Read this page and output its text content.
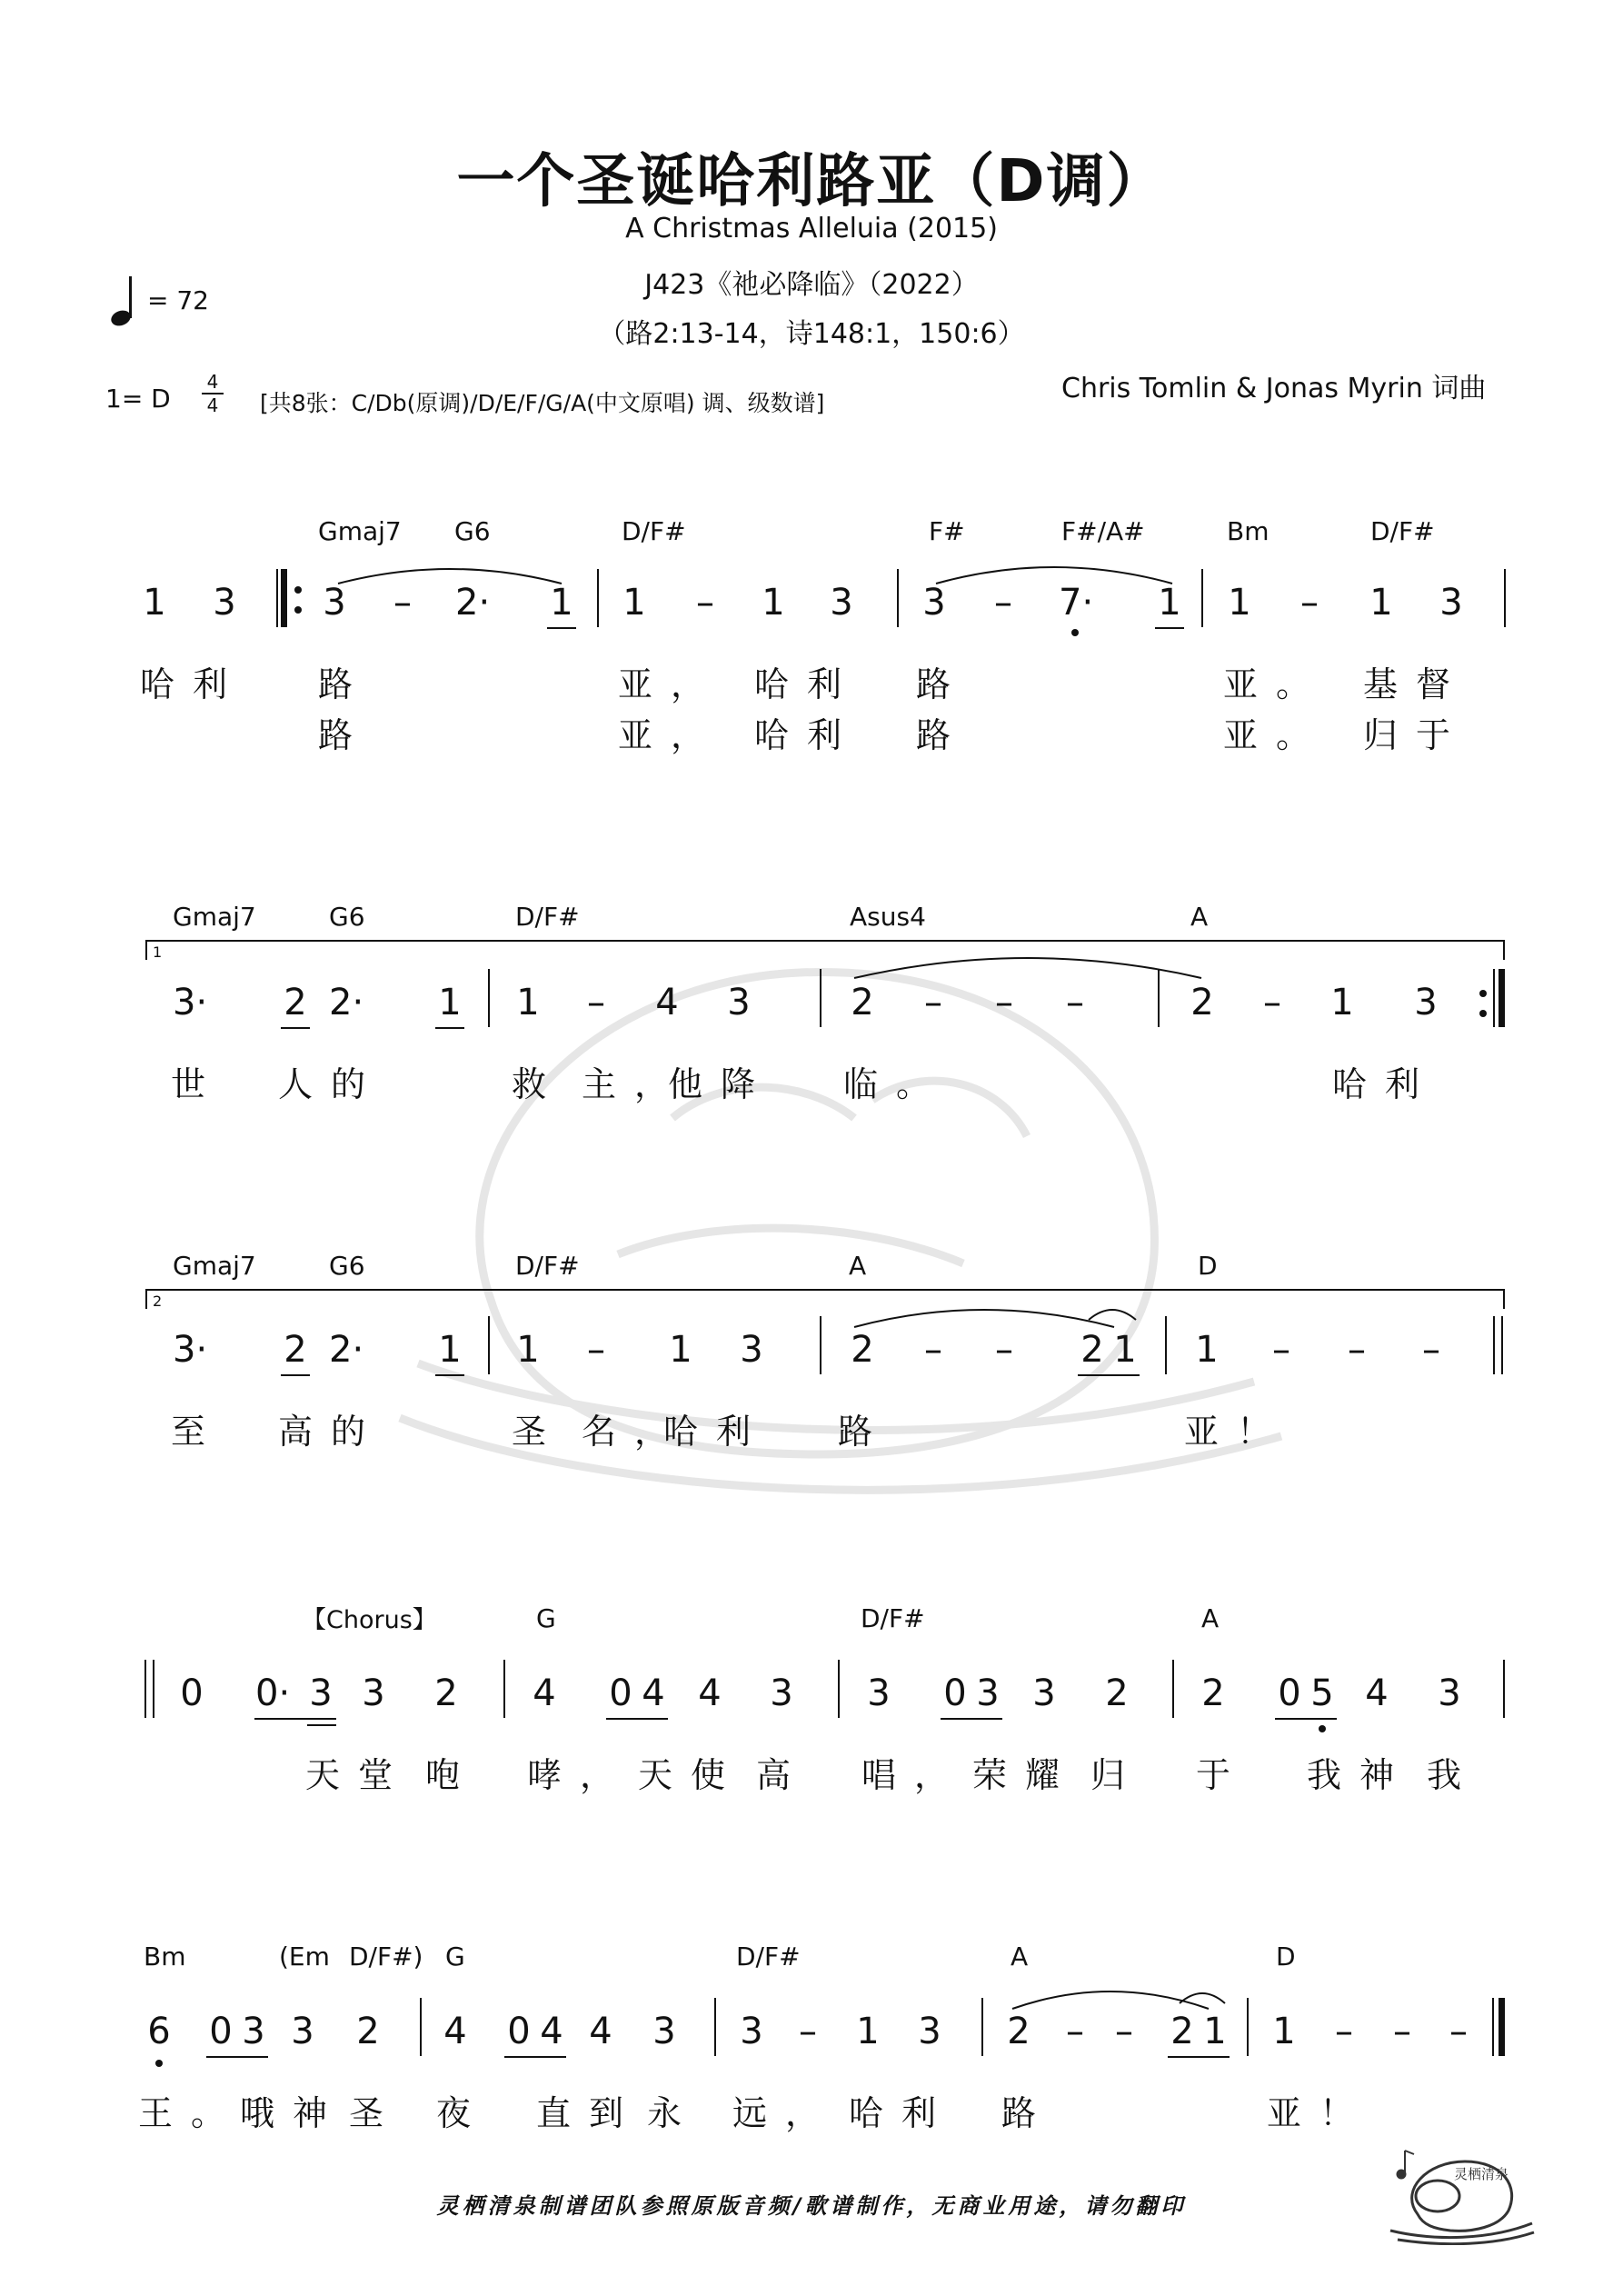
一个圣诞哈利路亚（D调）
A Christmas Alleluia (2015)
J423《祂必降临》（2022）
（路2:13-14，诗148:1，150:6）
= 72
1= D
4
4 [共8张：C/Db(原调)/D/E/F/G/A(中文原唱) 调、级数谱]	Chris Tomlin & Jonas Myrin 词曲
Gmaj7 G6	D/F#	F#	F#/A#	Bm	D/F#
1 3 3 – 2· 1 1 – 1 3 3 – 7· 1 1 – 1 3
哈利 路	亚， 哈利 路	亚。 基督
路	亚， 哈利 路	亚。 归于
Gmaj7	G6	D/F#	Asus4	A
1
3· 2 2· 1 1 – 4 3	2 – – –	2 – 1 3
世 人的	救 主，
他降 临。	哈利
Gmaj7	G6	D/F#	A	D
2
3· 2 2· 1 1 – 1 3 2 – – 2 1 1 – – –
至 高的	圣 名，
哈利 路	亚！
【Chorus】	G	D/F#	A
0 0· 3 3 2 4 0 4 4 3 3 0 3 3 2 2 0 5 4 3
天堂 咆 哮， 天使 高 唱， 荣耀 归 于 我神 我
Bm	(Em D/F#) G	D/F#	A	D
6 0 3 3 2 4 0 4 4 3 3 – 1 3 2 – – 2 1 1 – – –
王。
哦神 圣 夜 直到 永 远， 哈利 路	亚！
灵栖清泉制谱团队参照原版音频/歌谱制作，无商业用途，请勿翻印
灵栖清泉
